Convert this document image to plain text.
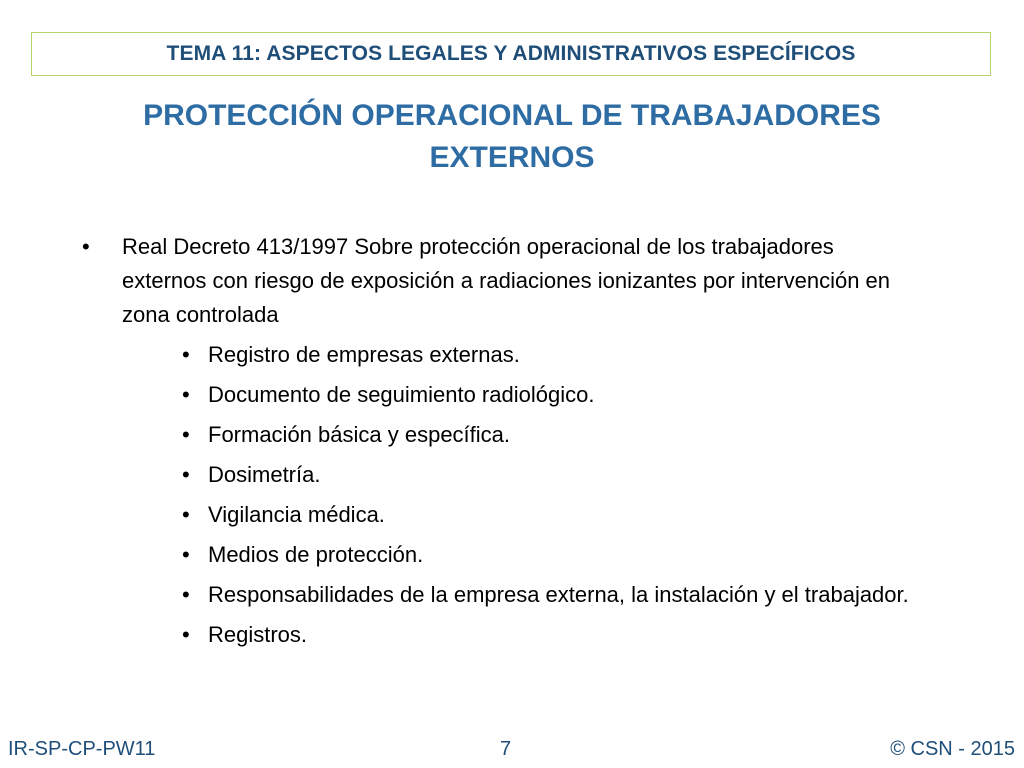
TEMA 11: ASPECTOS LEGALES Y ADMINISTRATIVOS ESPECÍFICOS
PROTECCIÓN OPERACIONAL DE TRABAJADORES EXTERNOS
•	Real Decreto 413/1997 Sobre protección operacional de los trabajadores externos con riesgo de exposición a radiaciones ionizantes por intervención en zona controlada
• Registro de empresas externas.
• Documento de seguimiento radiológico.
• Formación básica y específica.
• Dosimetría.
• Vigilancia médica.
• Medios de protección.
• Responsabilidades de la empresa externa, la instalación y el trabajador.
• Registros.
IR-SP-CP-PW11	7	© CSN - 2015
